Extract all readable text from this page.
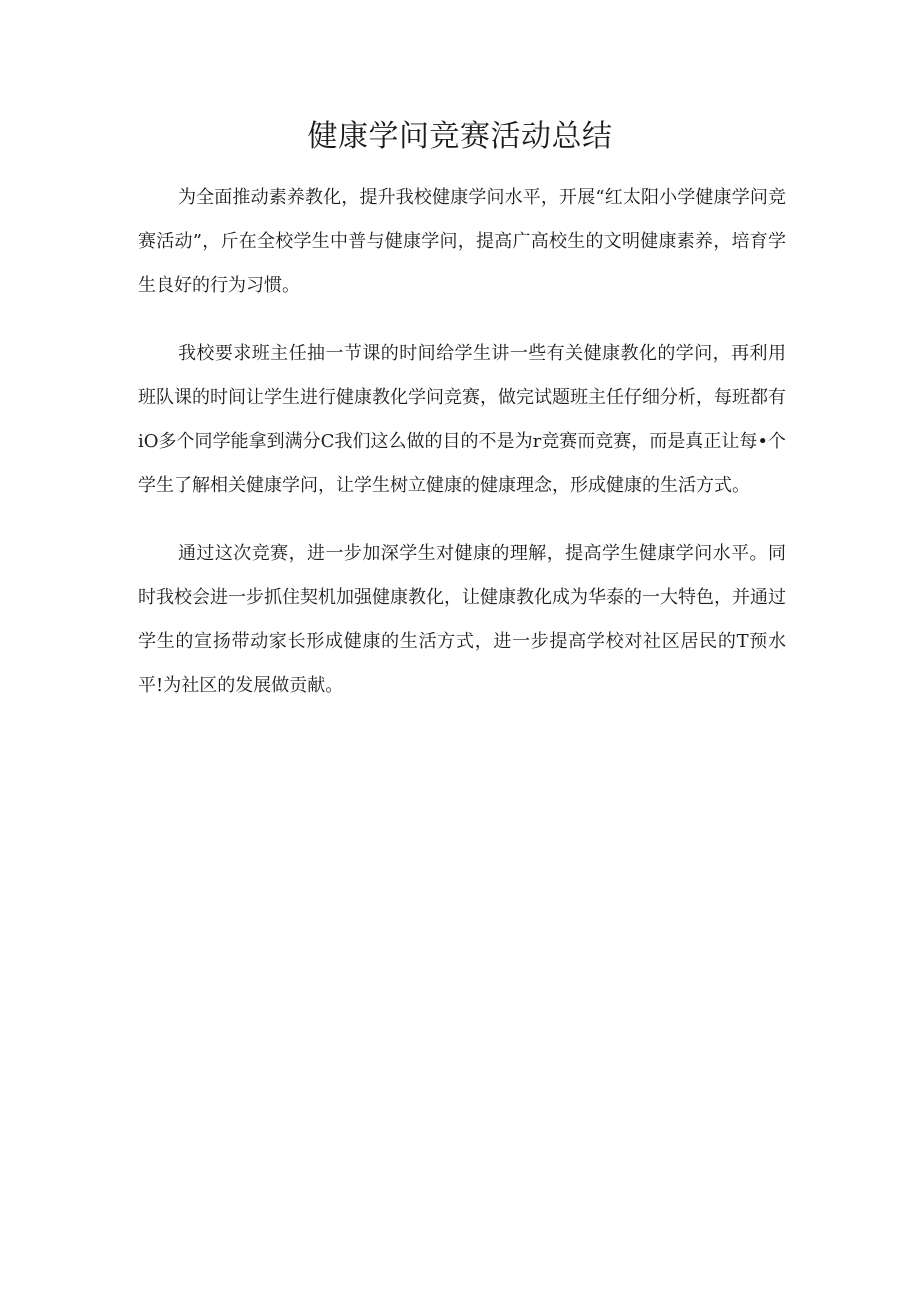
健康学问竞赛活动总结

为全面推动素养教化，提升我校健康学问水平，开展“红太阳小学健康学问竞赛活动”，斤在全校学生中普与健康学问，提高广高校生的文明健康素养，培育学生良好的行为习惯。

我校要求班主任抽一节课的时间给学生讲一些有关健康教化的学问，再利用班队课的时间让学生进行健康教化学问竞赛，做完试题班主任仔细分析，每班都有iO多个同学能拿到满分C我们这么做的目的不是为r竞赛而竞赛，而是真正让每•个学生了解相关健康学问，让学生树立健康的健康理念，形成健康的生活方式。

通过这次竞赛，进一步加深学生对健康的理解，提高学生健康学问水平。同时我校会进一步抓住契机加强健康教化，让健康教化成为华泰的一大特色，并通过学生的宣扬带动家长形成健康的生活方式，进一步提高学校对社区居民的T预水平!为社区的发展做贡献。
